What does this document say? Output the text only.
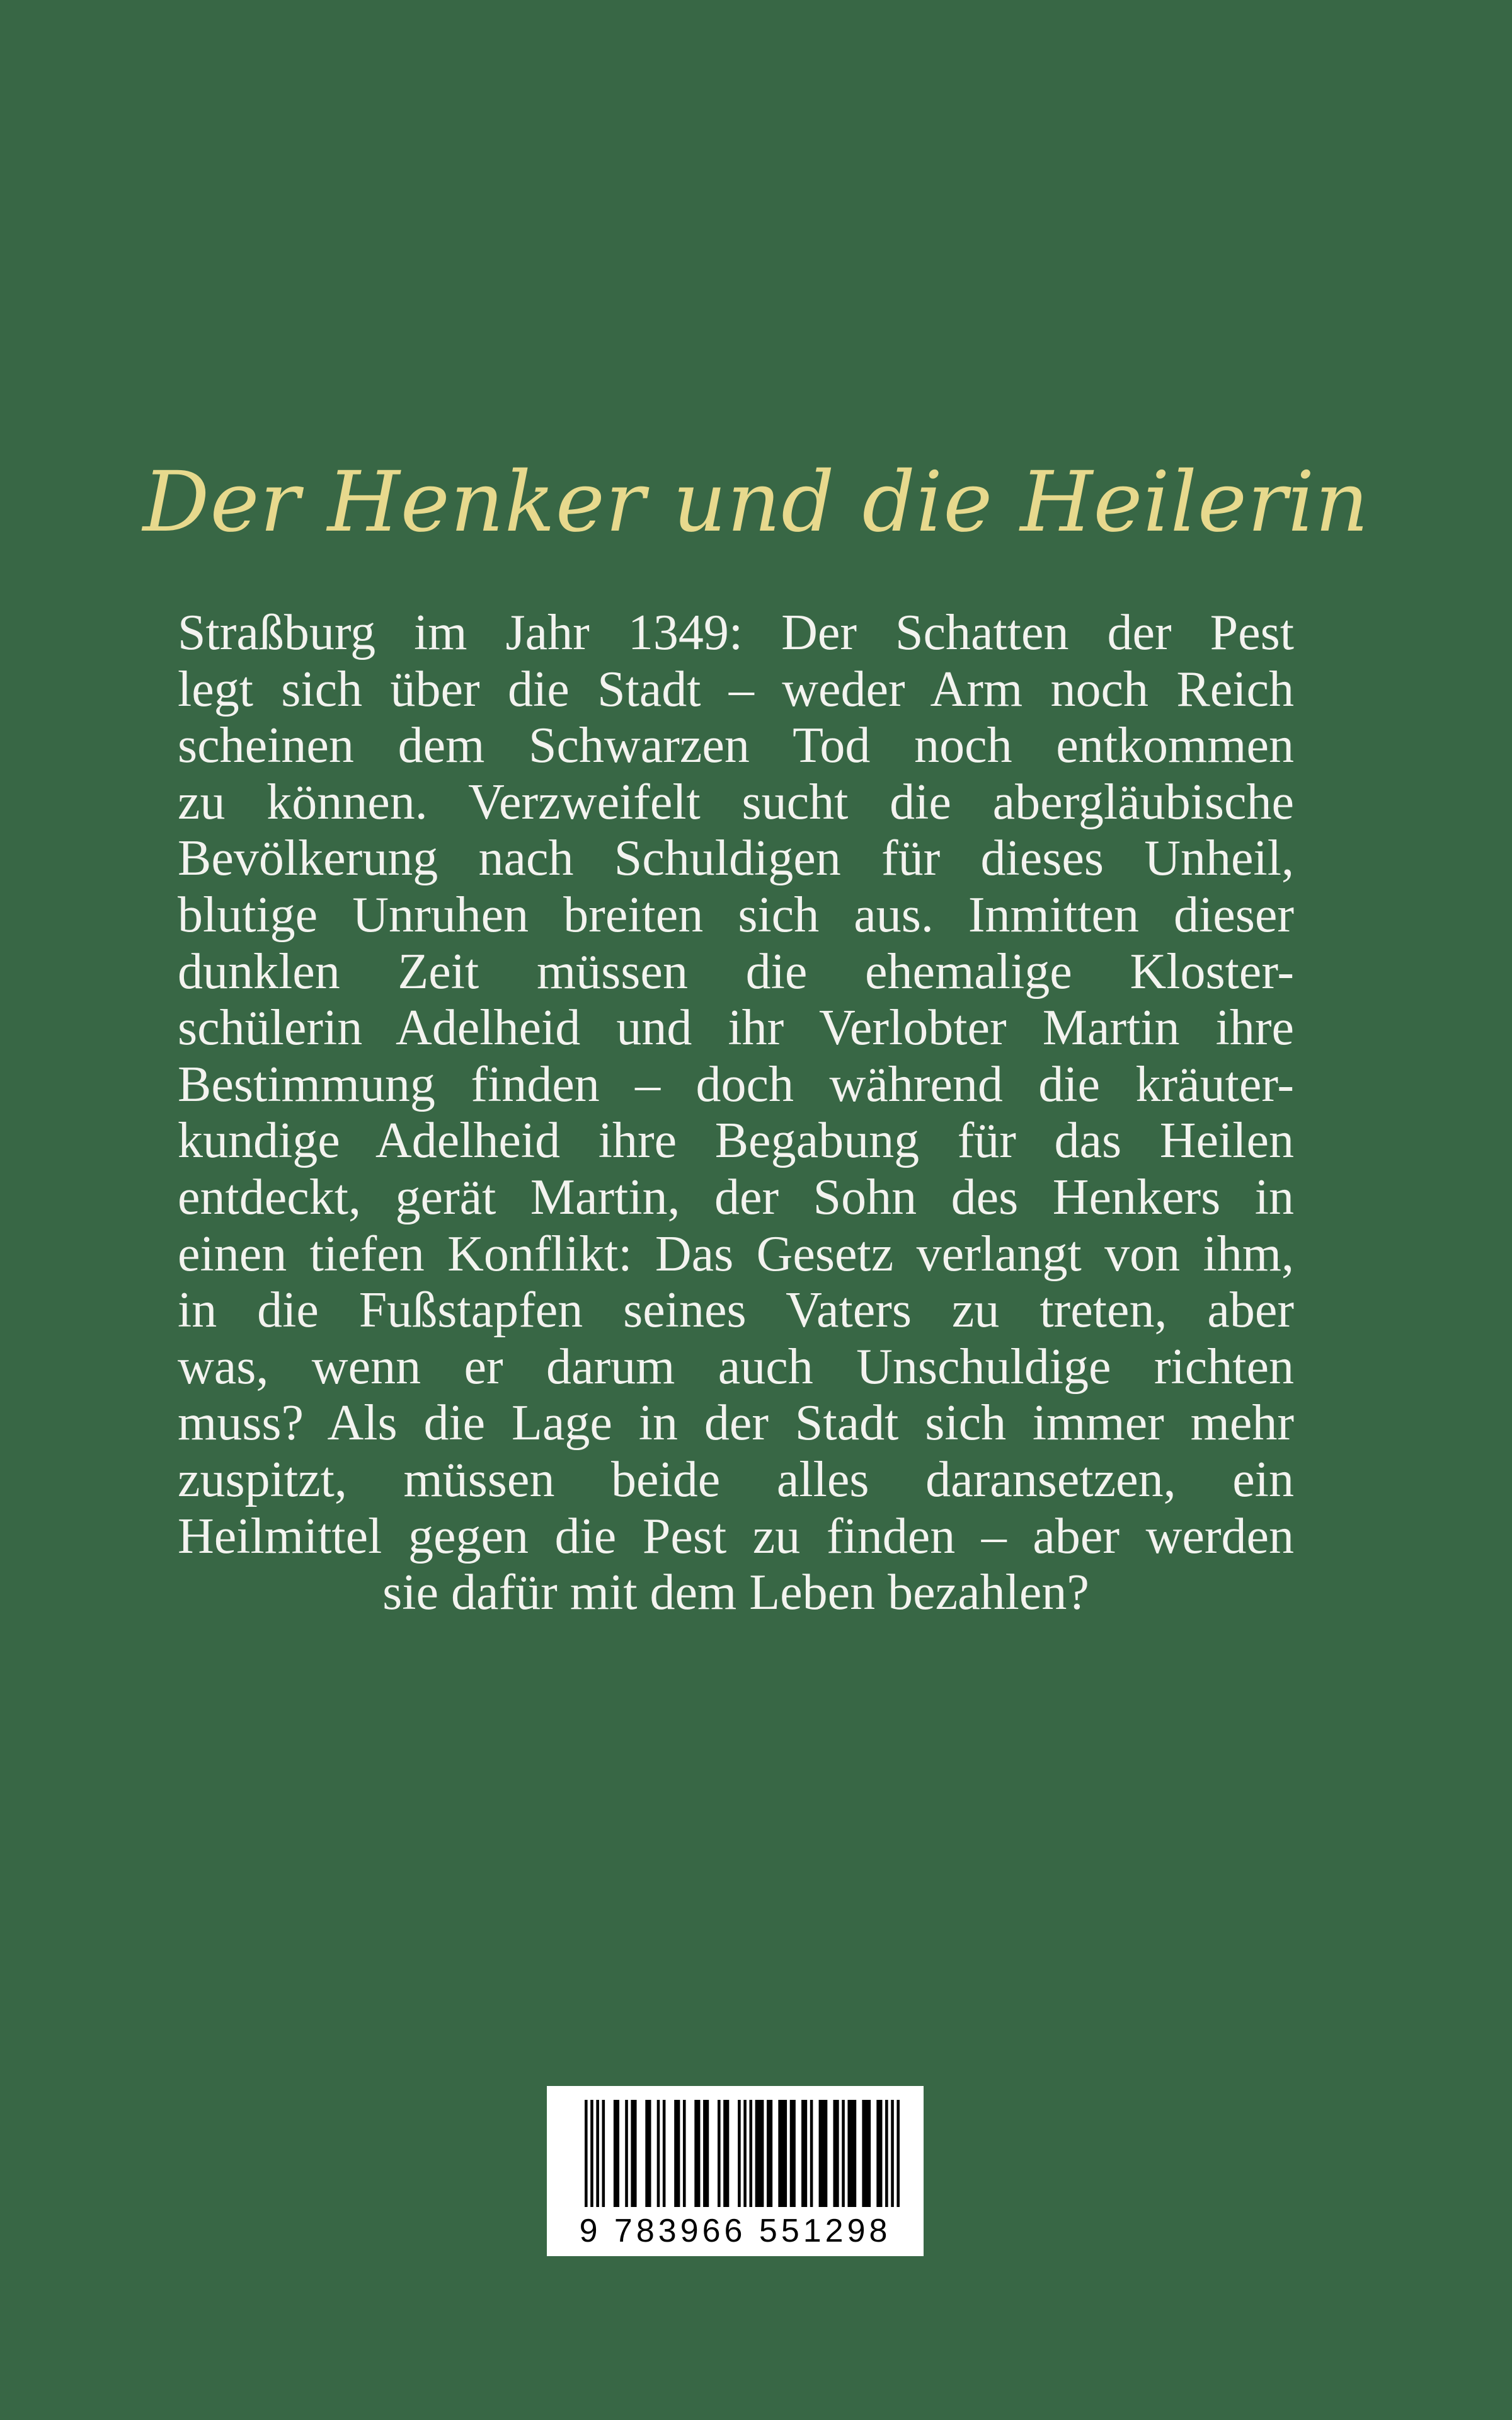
Der Henker und die Heilerin
Straßburg im Jahr 1349: Der Schatten der Pest
legt sich über die Stadt – weder Arm noch Reich
scheinen dem Schwarzen Tod noch entkommen
zu können. Verzweifelt sucht die abergläubische
Bevölkerung nach Schuldigen für dieses Unheil,
blutige Unruhen breiten sich aus. Inmitten dieser
dunklen Zeit müssen die ehemalige Kloster-
schülerin Adelheid und ihr Verlobter Martin ihre
Bestimmung finden – doch während die kräuter-
kundige Adelheid ihre Begabung für das Heilen
entdeckt, gerät Martin, der Sohn des Henkers in
einen tiefen Konflikt: Das Gesetz verlangt von ihm,
in die Fußstapfen seines Vaters zu treten, aber
was, wenn er darum auch Unschuldige richten
muss? Als die Lage in der Stadt sich immer mehr
zuspitzt, müssen beide alles daransetzen, ein
Heilmittel gegen die Pest zu finden – aber werden
sie dafür mit dem Leben bezahlen?
9 783966 551298
